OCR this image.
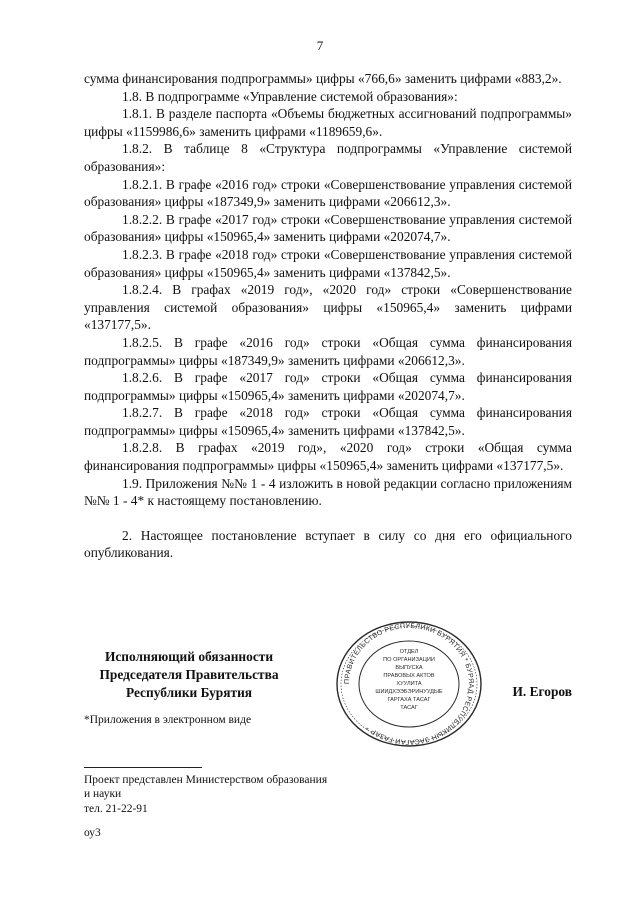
7

сумма финансирования подпрограммы» цифры «766,6» заменить цифрами «883,2».

1.8. В подпрограмме «Управление системой образования»:

1.8.1. В разделе паспорта «Объемы бюджетных ассигнований подпрограммы» цифры «1159986,6» заменить цифрами «1189659,6».

1.8.2. В таблице 8 «Структура подпрограммы «Управление системой образования»:

1.8.2.1. В графе «2016 год» строки «Совершенствование управления системой образования» цифры «187349,9» заменить цифрами «206612,3».

1.8.2.2. В графе «2017 год» строки «Совершенствование управления системой образования» цифры «150965,4» заменить цифрами «202074,7».

1.8.2.3. В графе «2018 год» строки «Совершенствование управления системой образования» цифры «150965,4» заменить цифрами «137842,5».

1.8.2.4. В графах «2019 год», «2020 год» строки «Совершенствование управления системой образования» цифры «150965,4» заменить цифрами «137177,5».

1.8.2.5. В графе «2016 год» строки «Общая сумма финансирования подпрограммы» цифры «187349,9» заменить цифрами «206612,3».

1.8.2.6. В графе «2017 год» строки «Общая сумма финансирования подпрограммы» цифры «150965,4» заменить цифрами «202074,7».

1.8.2.7. В графе «2018 год» строки «Общая сумма финансирования подпрограммы» цифры «150965,4» заменить цифрами «137842,5».

1.8.2.8. В графах «2019 год», «2020 год» строки «Общая сумма финансирования подпрограммы» цифры «150965,4» заменить цифрами «137177,5».

1.9. Приложения №№ 1 - 4 изложить в новой редакции согласно приложениям №№ 1 - 4* к настоящему постановлению.

2. Настоящее постановление вступает в силу со дня его официального опубликования.

Исполняющий обязанности
Председателя Правительства
Республики Бурятия
ПРАВИТЕЛЬСТВО РЕСПУБЛИКИ БУРЯТИЯ * БУРЯАД РЕСПУБЛИКЫН ЗАСАГАЙ ГАЗАР *
ОТДЕЛ
ПО ОРГАНИЗАЦИИ
ВЫПУСКА
ПРАВОВЫХ АКТОВ
ХУУЛИТА
ШИИДХЭЭБЭРИНУУДЫЕ
ГАРГАХА ТАСАГ
ТАСАГ
И. Егоров
*Приложения в электронном виде
Проект представлен Министерством образования
и науки
тел. 21-22-91
оу3
